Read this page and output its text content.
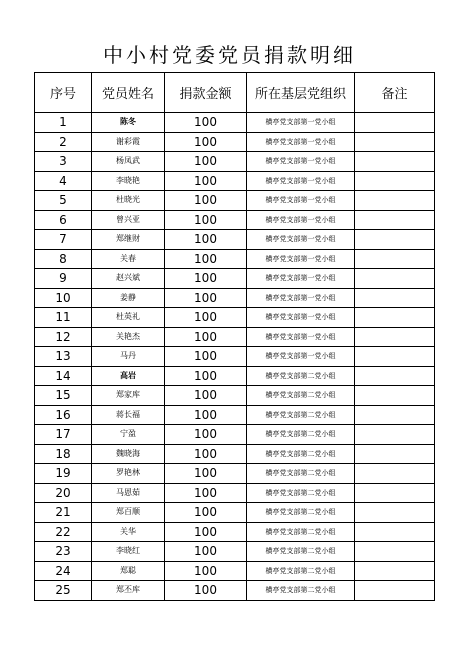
中小村党委党员捐款明细
序号	党员姓名	捐款金额	所在基层党组织	备注
1	陈冬	100	横亭党支部第一党小组	
2	谢彩霞	100	横亭党支部第一党小组	
3	杨凤武	100	横亭党支部第一党小组	
4	李晓艳	100	横亭党支部第一党小组	
5	杜晓光	100	横亭党支部第一党小组	
6	曾兴亚	100	横亭党支部第一党小组	
7	郑继财	100	横亭党支部第一党小组	
8	关春	100	横亭党支部第一党小组	
9	赵兴斌	100	横亭党支部第一党小组	
10	姜静	100	横亭党支部第一党小组	
11	杜英礼	100	横亭党支部第一党小组	
12	关艳杰	100	横亭党支部第一党小组	
13	马丹	100	横亭党支部第一党小组	
14	高岩	100	横亭党支部第二党小组	
15	郑家库	100	横亭党支部第二党小组	
16	蒋长福	100	横亭党支部第二党小组	
17	宁盈	100	横亭党支部第二党小组	
18	魏晓海	100	横亭党支部第二党小组	
19	罗艳林	100	横亭党支部第二党小组	
20	马恩茹	100	横亭党支部第二党小组	
21	郑百顺	100	横亭党支部第二党小组	
22	关华	100	横亭党支部第二党小组	
23	李晓红	100	横亭党支部第二党小组	
24	郑聪	100	横亭党支部第二党小组	
25	郑丕库	100	横亭党支部第二党小组	
